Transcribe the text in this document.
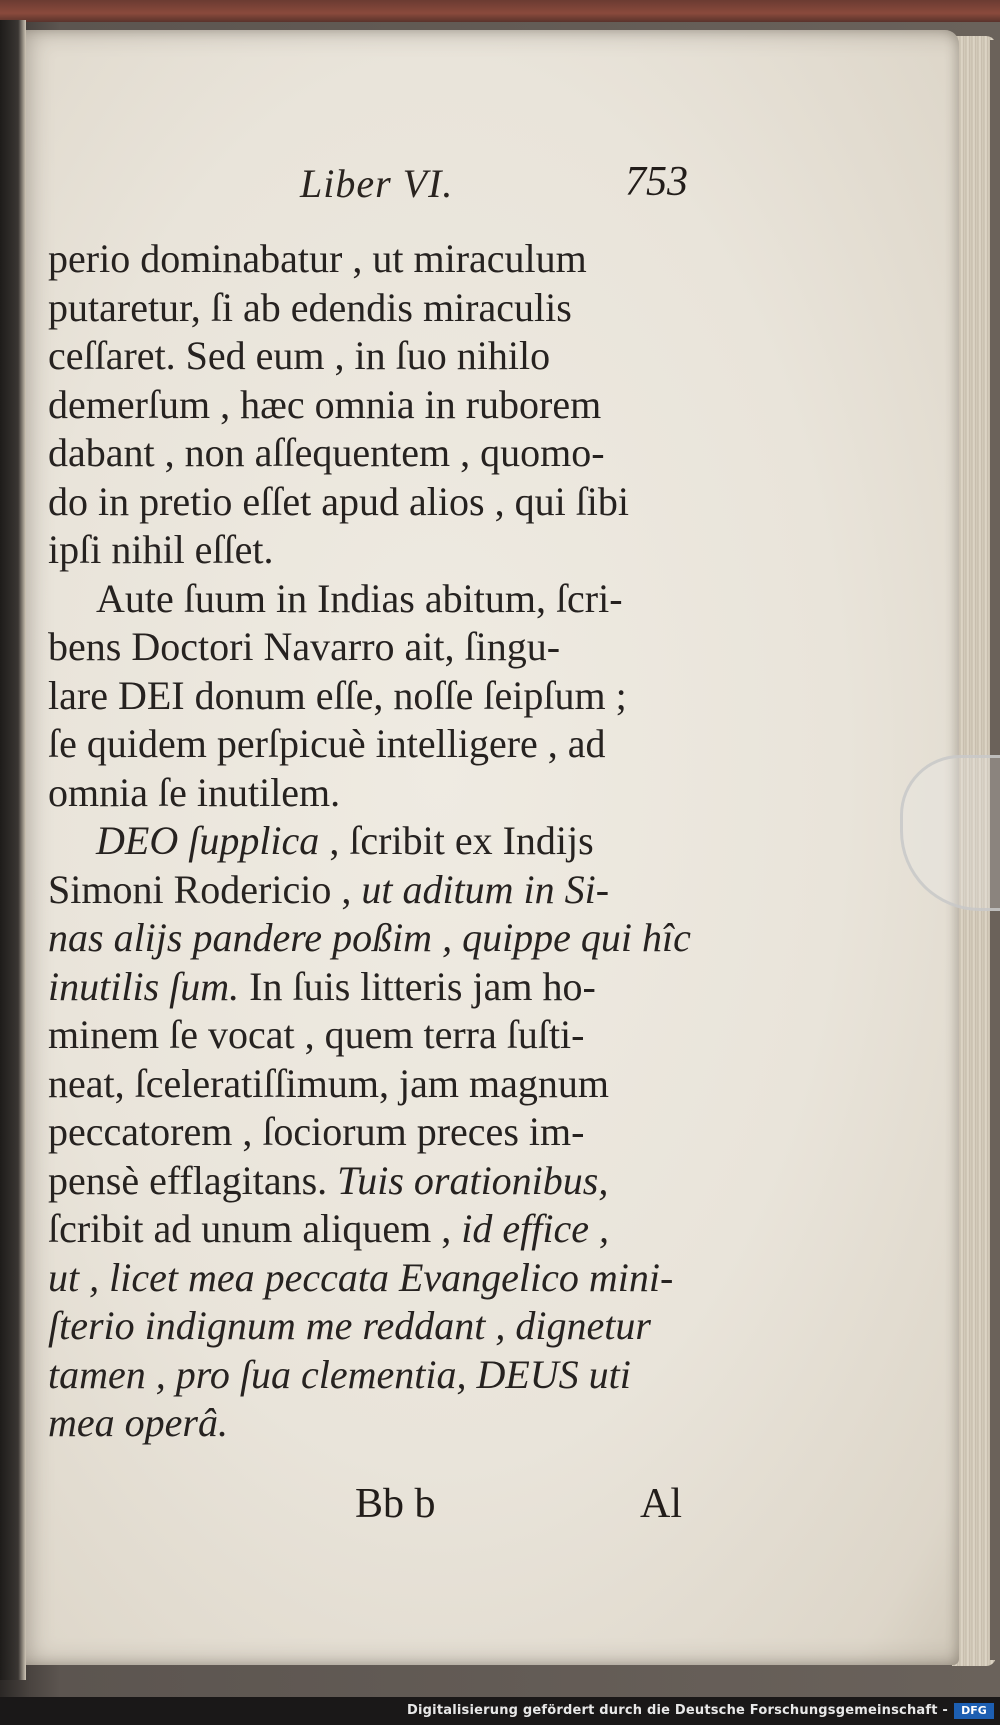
Liber VI.	753
perio dominabatur , ut miraculum
putaretur, ſi ab edendis miraculis
ceſſaret. Sed eum , in ſuo nihilo
demerſum , hæc omnia in ruborem
dabant , non aſſequentem , quomo-
do in pretio eſſet apud alios , qui ſibi
ipſi nihil eſſet.
Aute ſuum in Indias abitum, ſcri-
bens Doctori Navarro ait, ſingu-
lare DEI donum eſſe, noſſe ſeipſum ;
ſe quidem perſpicuè intelligere , ad
omnia ſe inutilem.
DEO ſupplica , ſcribit ex Indijs
Simoni Rodericio , ut aditum in Si-
nas alijs pandere poßim , quippe qui hîc
inutilis ſum. In ſuis litteris jam ho-
minem ſe vocat , quem terra ſuſti-
neat, ſceleratiſſimum, jam magnum
peccatorem , ſociorum preces im-
pensè efflagitans. Tuis orationibus,
ſcribit ad unum aliquem , id effice ,
ut , licet mea peccata Evangelico mini-
ſterio indignum me reddant , dignetur
tamen , pro ſua clementia, DEUS uti
mea operâ.
Bb b	Al
Digitalisierung gefördert durch die Deutsche Forschungsgemeinschaft -	DFG
